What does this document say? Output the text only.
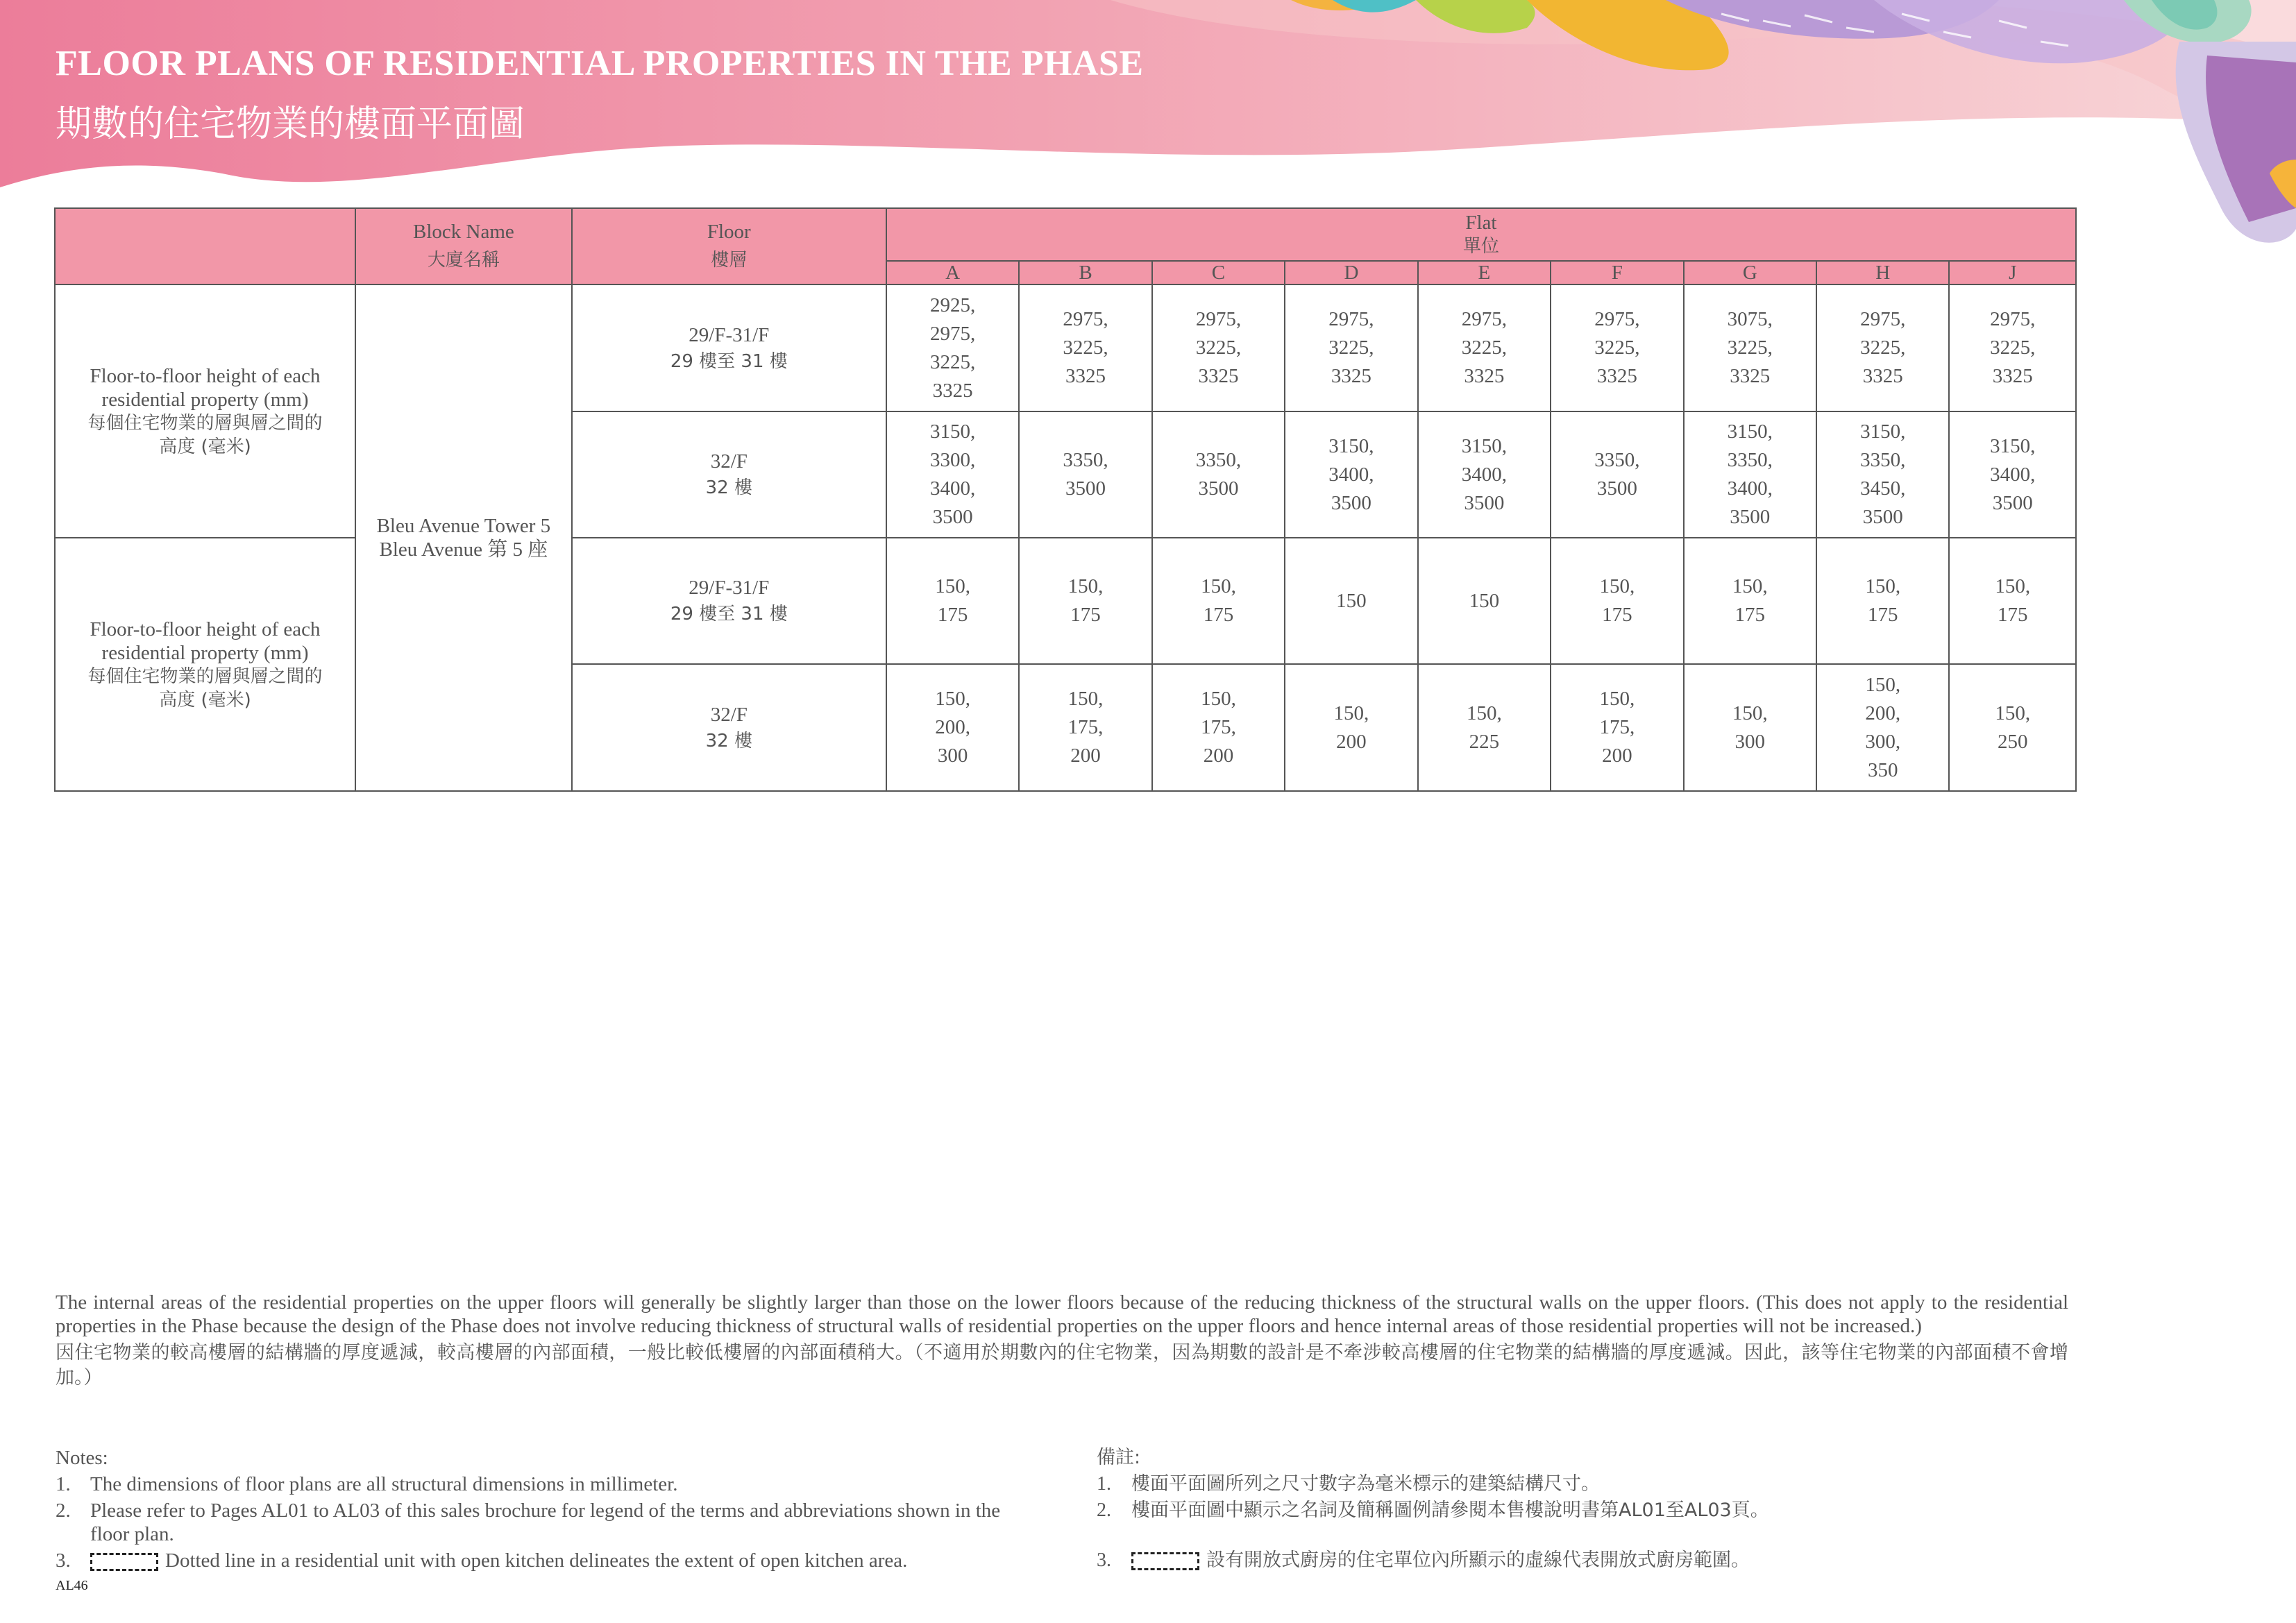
FLOOR PLANS OF RESIDENTIAL PROPERTIES IN THE PHASE
期數的住宅物業的樓面平面圖

	Block Name
大廈名稱	Floor
樓層	Flat
單位								

			A	B	C	D	E	F	G	H	J

Floor-to-floor height of each
residential property (mm)
每個住宅物業的層與層之間的
高度 (毫米)	Bleu Avenue Tower 5
Bleu Avenue 第 5 座	29/F-31/F
29 樓至 31 樓	2925,
2975,
3225,
3325	2975,
3225,
3325	2975,
3225,
3325	2975,
3225,
3325	2975,
3225,
3325	2975,
3225,
3325	3075,
3225,
3325	2975,
3225,
3325	2975,
3225,
3325

		32/F
32 樓	3150,
3300,
3400,
3500	3350,
3500	3350,
3500	3150,
3400,
3500	3150,
3400,
3500	3350,
3500	3150,
3350,
3400,
3500	3150,
3350,
3450,
3500	3150,
3400,
3500

Floor-to-floor height of each
residential property (mm)
每個住宅物業的層與層之間的
高度 (毫米)		29/F-31/F
29 樓至 31 樓	150,
175	150,
175	150,
175	150	150	150,
175	150,
175	150,
175	150,
175

		32/F
32 樓	150,
200,
300	150,
175,
200	150,
175,
200	150,
200	150,
225	150,
175,
200	150,
300	150,
200,
300,
350	150,
250
The internal areas of the residential properties on the upper floors will generally be slightly larger than those on the lower floors because of the reducing thickness of the structural walls on the upper floors. (This does not apply to the residential properties in the Phase because the design of the Phase does not involve reducing thickness of structural walls of residential properties on the upper floors and hence internal areas of those residential properties will not be increased.)
因住宅物業的較高樓層的結構牆的厚度遞減，較高樓層的內部面積，一般比較低樓層的內部面積稍大。（不適用於期數內的住宅物業，因為期數的設計是不牽涉較高樓層的住宅物業的結構牆的厚度遞減。因此，該等住宅物業的內部面積不會增加。）
Notes:
1. The dimensions of floor plans are all structural dimensions in millimeter.
2. Please refer to Pages AL01 to AL03 of this sales brochure for legend of the terms and abbreviations shown in the floor plan.
3.	Dotted line in a residential unit with open kitchen delineates the extent of open kitchen area.
備註:
1.	樓面平面圖所列之尺寸數字為毫米標示的建築結構尺寸。
2.	樓面平面圖中顯示之名詞及簡稱圖例請參閱本售樓說明書第AL01至AL03頁。
3.	設有開放式廚房的住宅單位內所顯示的虛線代表開放式廚房範圍。
AL46
